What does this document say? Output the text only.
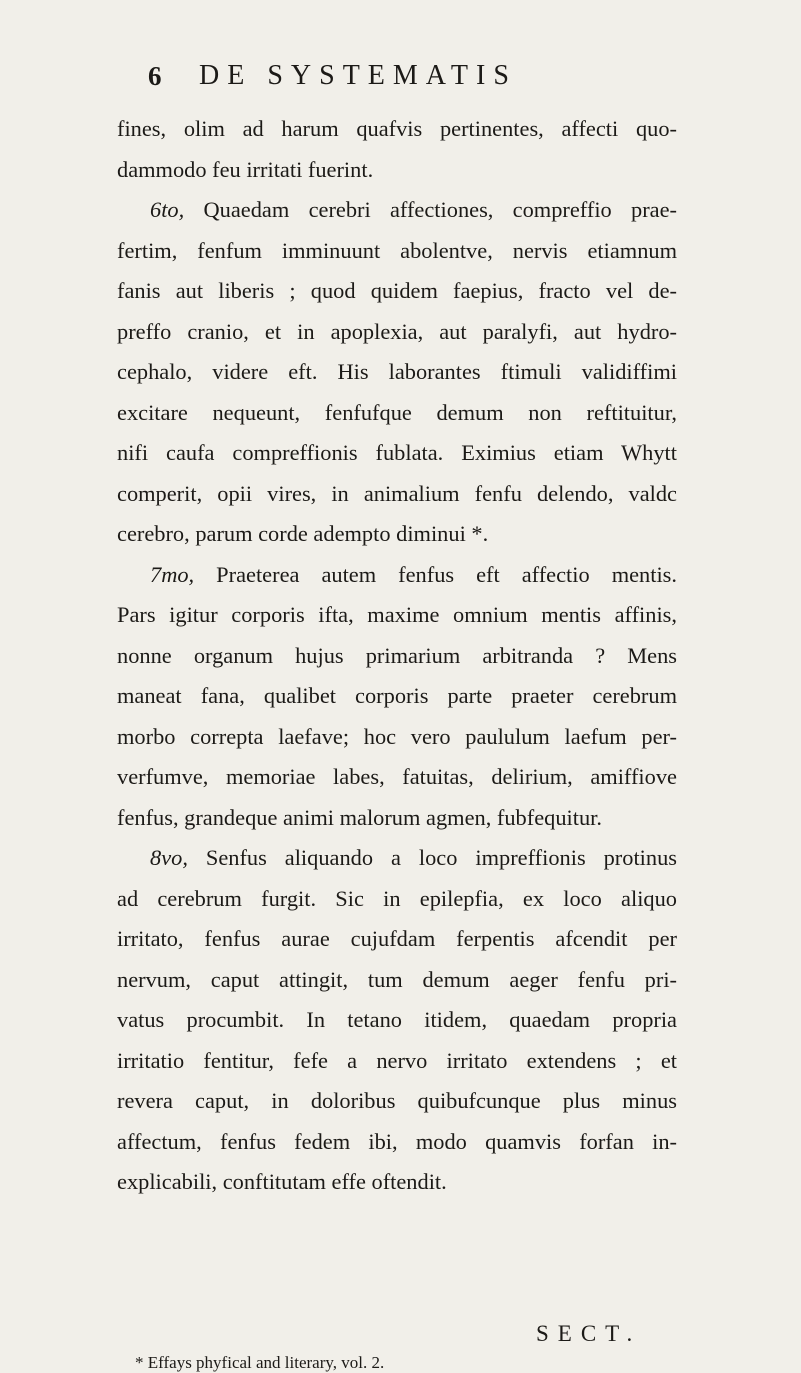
6 DE SYSTEMATIS
fines, olim ad harum quafvis pertinentes, affecti quo-
dammodo feu irritati fuerint.
6to, Quaedam cerebri affectiones, compreffio prae-
fertim, fenfum imminuunt abolentve, nervis etiamnum
fanis aut liberis ; quod quidem faepius, fracto vel de-
preffo cranio, et in apoplexia, aut paralyfi, aut hydro-
cephalo, videre eft. His laborantes ftimuli validiffimi
excitare nequeunt, fenfufque demum non reftituitur,
nifi caufa compreffionis fublata. Eximius etiam Whytt
comperit, opii vires, in animalium fenfu delendo, valdc
cerebro, parum corde adempto diminui *.
7mo, Praeterea autem fenfus eft affectio mentis.
Pars igitur corporis ifta, maxime omnium mentis affinis,
nonne organum hujus primarium arbitranda ? Mens
maneat fana, qualibet corporis parte praeter cerebrum
morbo correpta laefave; hoc vero paululum laefum per-
verfumve, memoriae labes, fatuitas, delirium, amiffiove
fenfus, grandeque animi malorum agmen, fubfequitur.
8vo, Senfus aliquando a loco impreffionis protinus
ad cerebrum furgit. Sic in epilepfia, ex loco aliquo
irritato, fenfus aurae cujufdam ferpentis afcendit per
nervum, caput attingit, tum demum aeger fenfu pri-
vatus procumbit. In tetano itidem, quaedam propria
irritatio fentitur, fefe a nervo irritato extendens ; et
revera caput, in doloribus quibufcunque plus minus
affectum, fenfus fedem ibi, modo quamvis forfan in-
explicabili, conftitutam effe oftendit.
SECT.
* Effays phyfical and literary, vol. 2.
